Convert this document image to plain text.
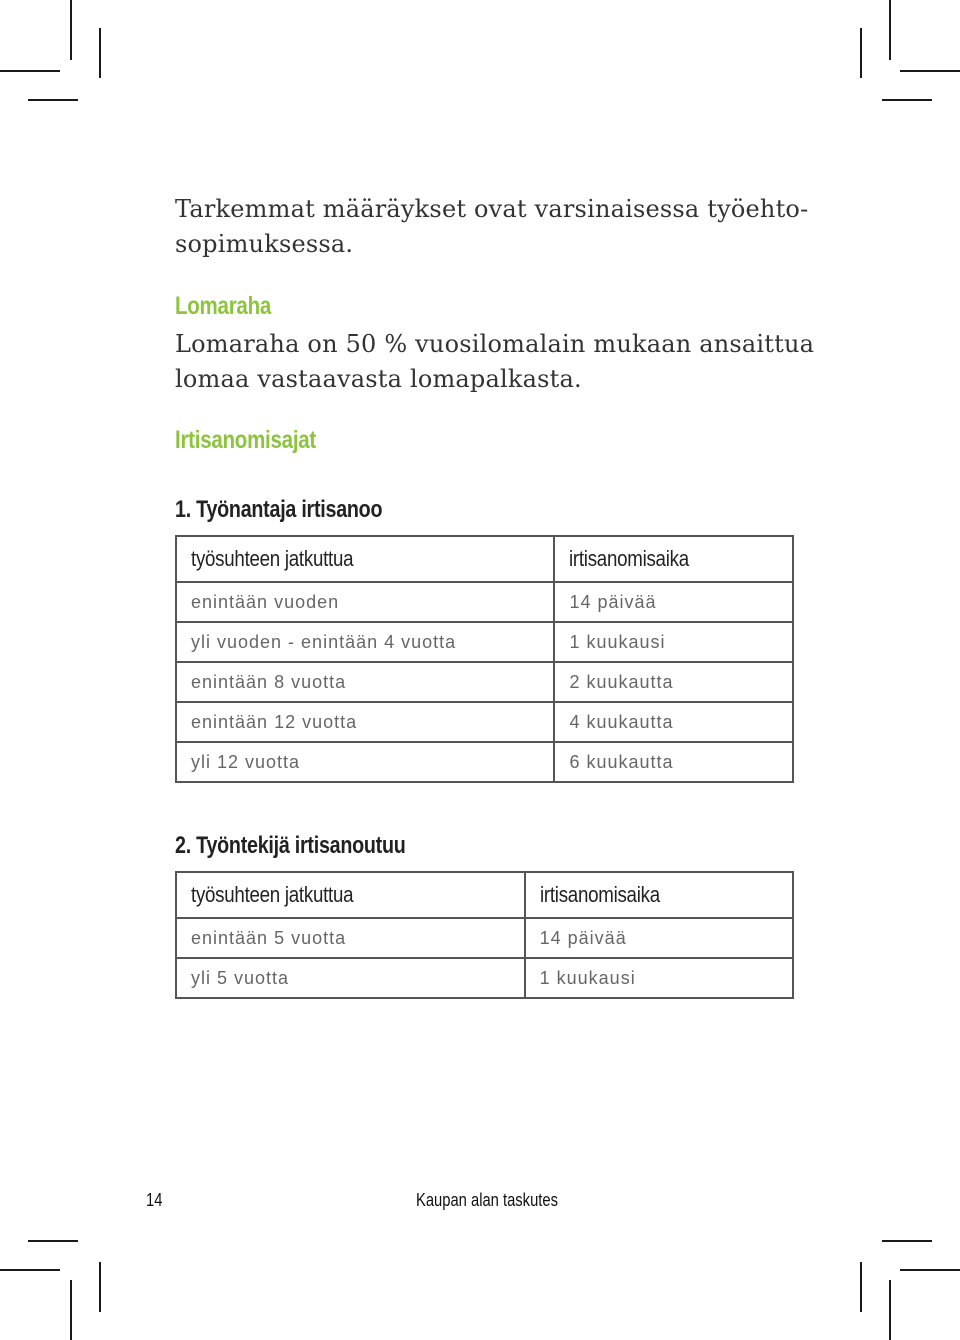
Tarkemmat määräykset ovat varsinaisessa työehto-
sopimuksessa.

Lomaraha

Lomaraha on 50 % vuosilomalain mukaan ansaittua
lomaa vastaavasta lomapalkasta.

Irtisanomisajat
1. Työnantaja irtisanoo
työsuhteen jatkuttua	irtisanomisaika
enintään vuoden	14 päivää
yli vuoden - enintään 4 vuotta	1 kuukausi
enintään 8 vuotta	2 kuukautta
enintään 12 vuotta	4 kuukautta
yli 12 vuotta	6 kuukautta
2. Työntekijä irtisanoutuu
työsuhteen jatkuttua	irtisanomisaika
enintään 5 vuotta	14 päivää
yli 5 vuotta	1 kuukausi

14	Kaupan alan taskutes
